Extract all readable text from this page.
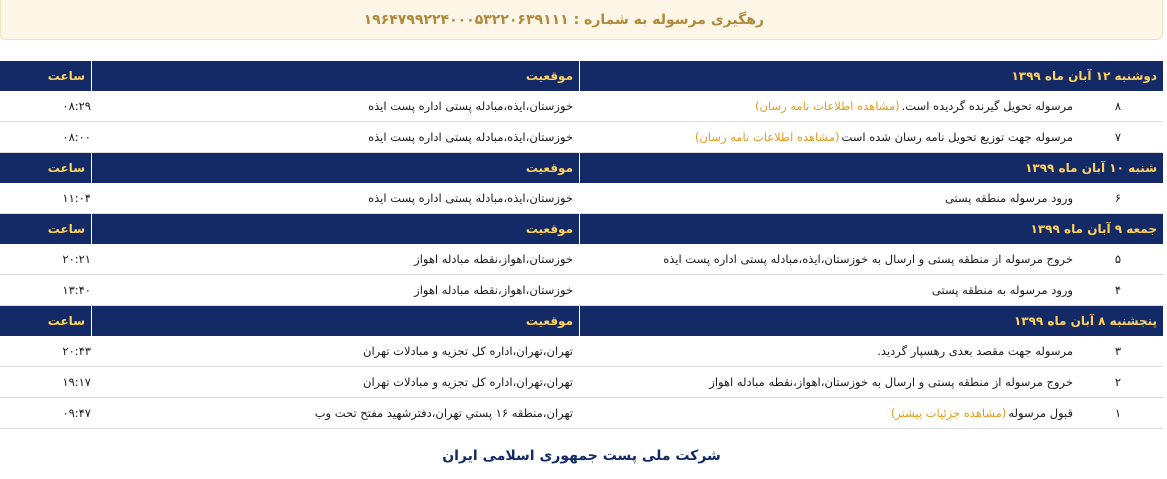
رهگیری مرسوله به شماره : ۱۹۶۴۷۹۹۲۲۴۰۰۰۵۳۲۲۰۶۳۹۱۱۱
دوشنبه ۱۲ آبان ماه ۱۳۹۹
موقعیت
ساعت
۸
مرسوله تحویل گیرنده گردیده است.
(مشاهده اطلاعات نامه رسان)
خوزستان،ایذه،مبادله پستی اداره پست ایذه
۰۸:۲۹
۷
مرسوله جهت توزیع تحویل نامه رسان شده است
(مشاهده اطلاعات نامه رسان)
خوزستان،ایذه،مبادله پستی اداره پست ایذه
۰۸:۰۰
شنبه ۱۰ آبان ماه ۱۳۹۹
موقعیت
ساعت
۶
ورود مرسوله منطقه پستی
خوزستان،ایذه،مبادله پستی اداره پست ایذه
۱۱:۰۴
جمعه ۹ آبان ماه ۱۳۹۹
موقعیت
ساعت
۵
خروج مرسوله از منطقه پستی و ارسال به خوزستان،ایذه،مبادله پستی اداره پست ایذه
خوزستان،اهواز،نقطه مبادله اهواز
۲۰:۲۱
۴
ورود مرسوله به منطقه پستی
خوزستان،اهواز،نقطه مبادله اهواز
۱۳:۴۰
پنجشنبه ۸ آبان ماه ۱۳۹۹
موقعیت
ساعت
۳
مرسوله جهت مقصد بعدی رهسپار گردید.
تهران،تهران،اداره کل تجزیه و مبادلات تهران
۲۰:۴۳
۲
خروج مرسوله از منطقه پستی و ارسال به خوزستان،اهواز،نقطه مبادله اهواز
تهران،تهران،اداره کل تجزیه و مبادلات تهران
۱۹:۱۷
۱
قبول مرسوله
(مشاهده جزئیات بیشتر)
تهران،منطقه ۱۶ پستي تهران،دفترشهید مفتح تحت وب
۰۹:۴۷
شرکت ملی پست جمهوری اسلامی ایران
